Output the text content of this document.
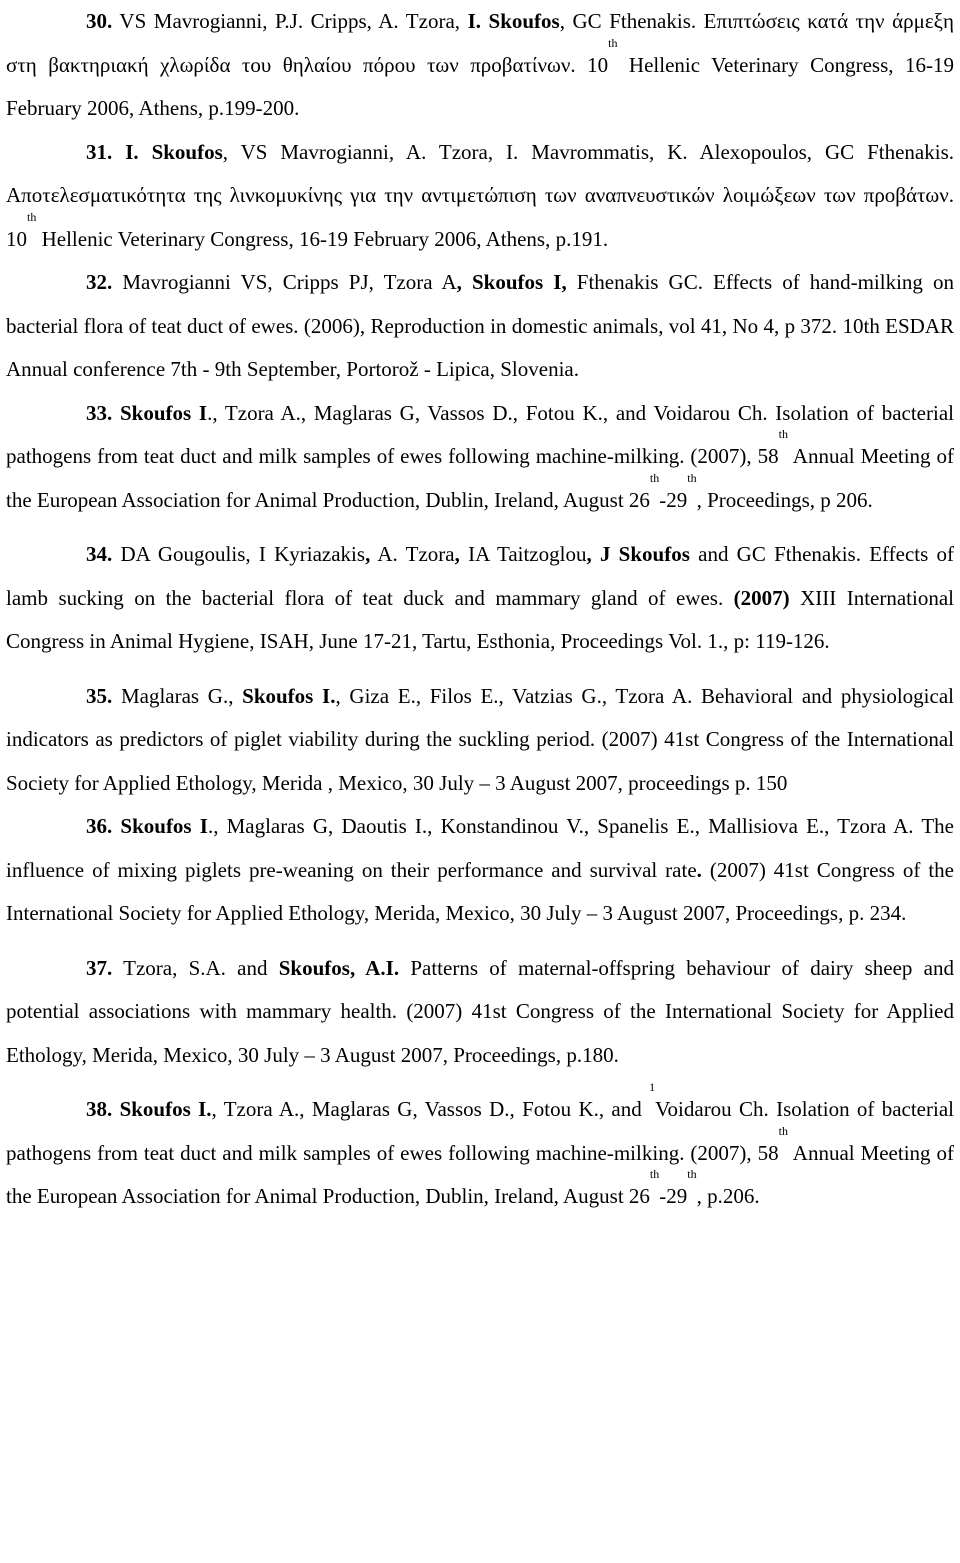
30. VS Mavrogianni, P.J. Cripps, A. Tzora, I. Skoufos, GC Fthenakis. Επιπτώσεις κατά την άρμεξη στη βακτηριακή χλωρίδα του θηλαίου πόρου των προβατίνων. 10th Hellenic Veterinary Congress, 16-19 February 2006, Athens, p.199-200.

31. I. Skoufos, VS Mavrogianni, A. Tzora, I. Mavrommatis, K. Alexopoulos, GC Fthenakis. Αποτελεσματικότητα της λινκομυκίνης για την αντιμετώπιση των αναπνευστικών λοιμώξεων των προβάτων. 10th Hellenic Veterinary Congress, 16-19 February 2006, Athens, p.191.

32. Mavrogianni VS, Cripps PJ, Tzora A, Skoufos I, Fthenakis GC. Effects of hand-milking on bacterial flora of teat duct of ewes. (2006), Reproduction in domestic animals, vol 41, No 4, p 372. 10th ESDAR Annual conference 7th - 9th September, Portorož - Lipica, Slovenia.

33. Skoufos I., Tzora A., Maglaras G, Vassos D., Fotou K., and Voidarou Ch. Isolation of bacterial pathogens from teat duct and milk samples of ewes following machine-milking. (2007), 58th Annual Meeting of the European Association for Animal Production, Dublin, Ireland, August 26th-29th, Proceedings, p 206.

34. DA Gougoulis, I Kyriazakis, A. Tzora, IA Taitzoglou, J Skoufos and GC Fthenakis. Effects of lamb sucking on the bacterial flora of teat duck and mammary gland of ewes. (2007) XIII International Congress in Animal Hygiene, ISAH, June 17-21, Tartu, Esthonia, Proceedings Vol. 1., p: 119-126.

35. Maglaras G., Skoufos I., Giza E., Filos E., Vatzias G., Tzora A. Behavioral and physiological indicators as predictors of piglet viability during the suckling period. (2007) 41st Congress of the International Society for Applied Ethology, Merida , Mexico, 30 July – 3 August 2007, proceedings p. 150

36. Skoufos I., Maglaras G, Daoutis I., Konstandinou V., Spanelis E., Mallisiova E., Tzora A. The influence of mixing piglets pre-weaning on their performance and survival rate. (2007) 41st Congress of the International Society for Applied Ethology, Merida, Mexico, 30 July – 3 August 2007, Proceedings, p. 234.

37. Tzora, S.A. and Skoufos, A.I. Patterns of maternal-offspring behaviour of dairy sheep and potential associations with mammary health. (2007) 41st Congress of the International Society for Applied Ethology, Merida, Mexico, 30 July – 3 August 2007, Proceedings, p.180.

38. Skoufos I., Tzora A., Maglaras G, Vassos D., Fotou K., and $^1$Voidarou Ch. Isolation of bacterial pathogens from teat duct and milk samples of ewes following machine-milking. (2007), 58th Annual Meeting of the European Association for Animal Production, Dublin, Ireland, August 26th-29th, p.206.
